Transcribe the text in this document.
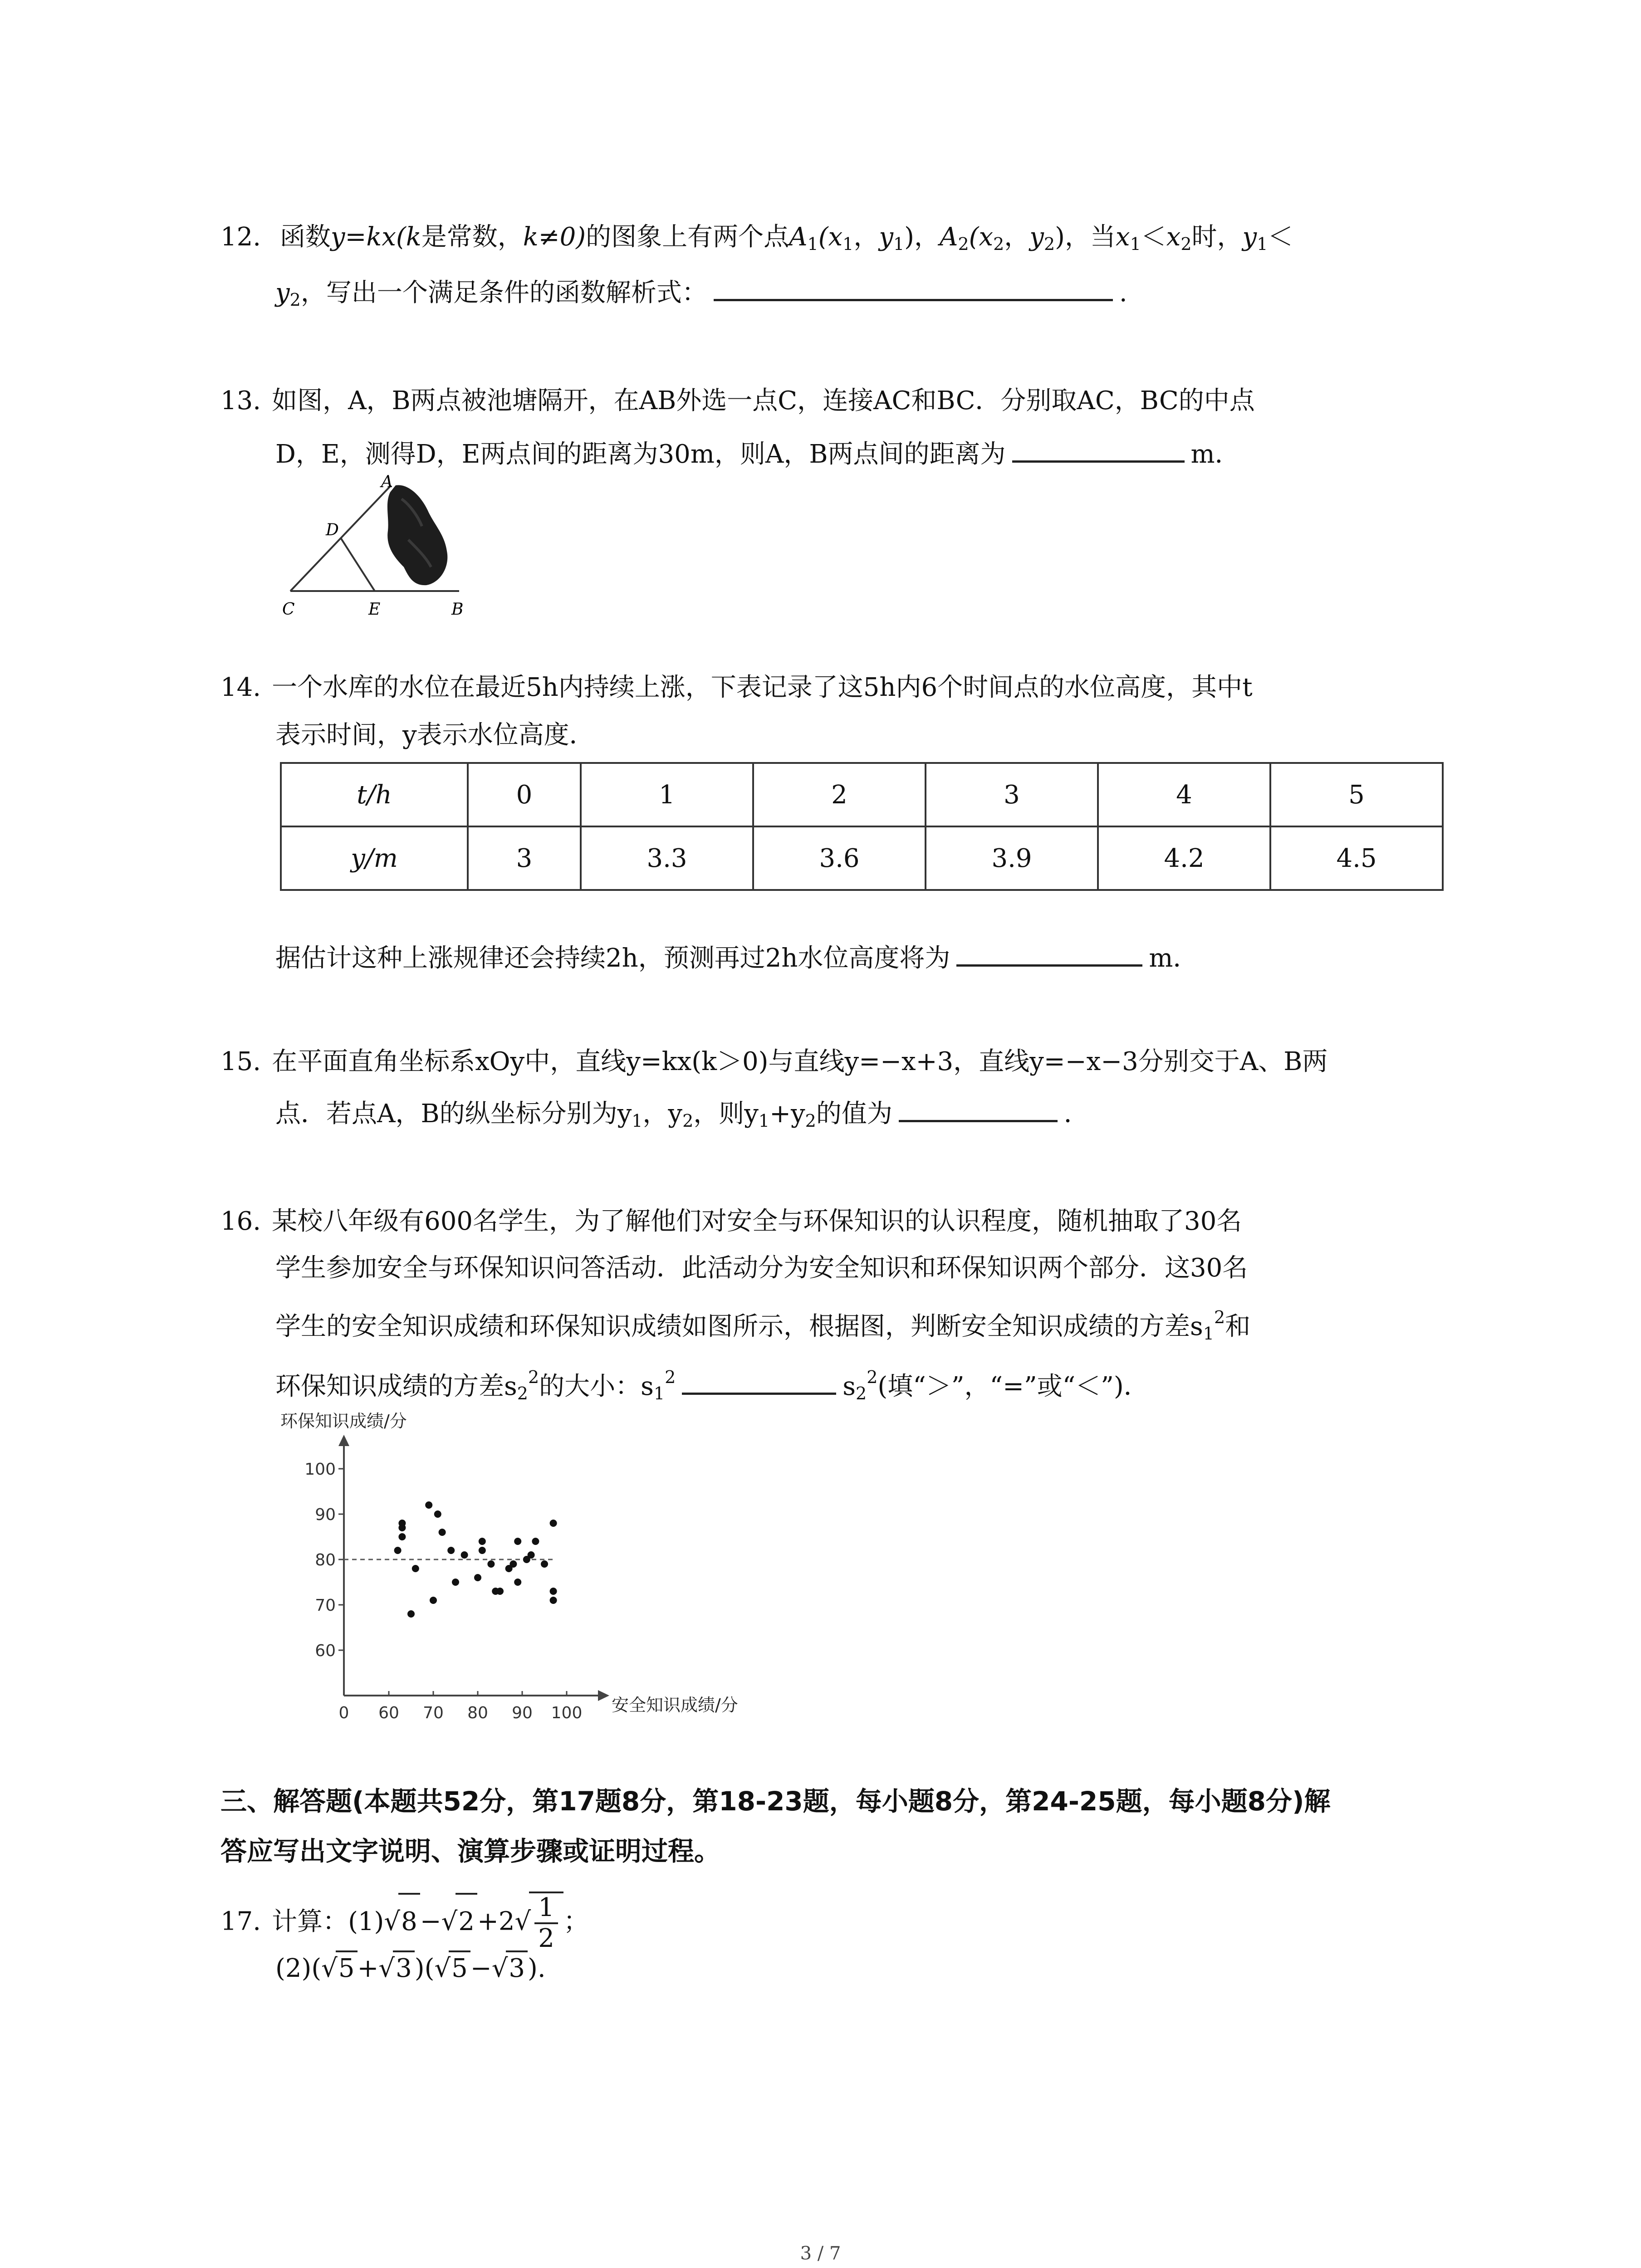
12. 函数y=kx(k是常数，k≠0)的图象上有两个点$A_1(x_1$，$y_1$)，$A_2(x_2$，$y_2$)，当$x_1<x_2$时，$y_1<$
$y_2$，写出一个满足条件的函数解析式：	.
13. 如图，A，B两点被池塘隔开，在AB外选一点C，连接AC和BC．分别取AC，BC的中点
D，E，测得D，E两点间的距离为30m，则A，B两点间的距离为	m．
A
D
C	E	B
14. 一个水库的水位在最近5h内持续上涨，下表记录了这5h内6个时间点的水位高度，其中t
表示时间，y表示水位高度．
t/h	0	1	2	3	4	5
y/m	3	3.3	3.6	3.9	4.2	4.5
据估计这种上涨规律还会持续2h，预测再过2h水位高度将为	m．
15. 在平面直角坐标系xOy中，直线y=kx(k＞0)与直线y=−x+3，直线y=−x−3分别交于A、B两
点．若点A，B的纵坐标分别为$y_1$，$y_2$，则$y_1+y_2$的值为	．
16. 某校八年级有600名学生，为了解他们对安全与环保知识的认识程度，随机抽取了30名
学生参加安全与环保知识问答活动．此活动分为安全知识和环保知识两个部分．这30名
学生的安全知识成绩和环保知识成绩如图所示，根据图，判断安全知识成绩的方差$s_1^2$和
环保知识成绩的方差$s_2^2$的大小：$s_1^2$	$s_2^2$(填“＞”，“=”或“＜”)．
环保知识成绩/分
安全知识成绩/分
60
70
80
90
100
0 60 70 80 90 100
三、解答题(本题共52分，第17题8分，第18-23题，每小题8分，第24-25题，每小题8分)解
答应写出文字说明、演算步骤或证明过程。
17. 计算：$(1)√8 -√2 +2√ \frac{1}{2}$ ；
(2)(√5 +√3 )(√5 −√3 ).
3 / 7
